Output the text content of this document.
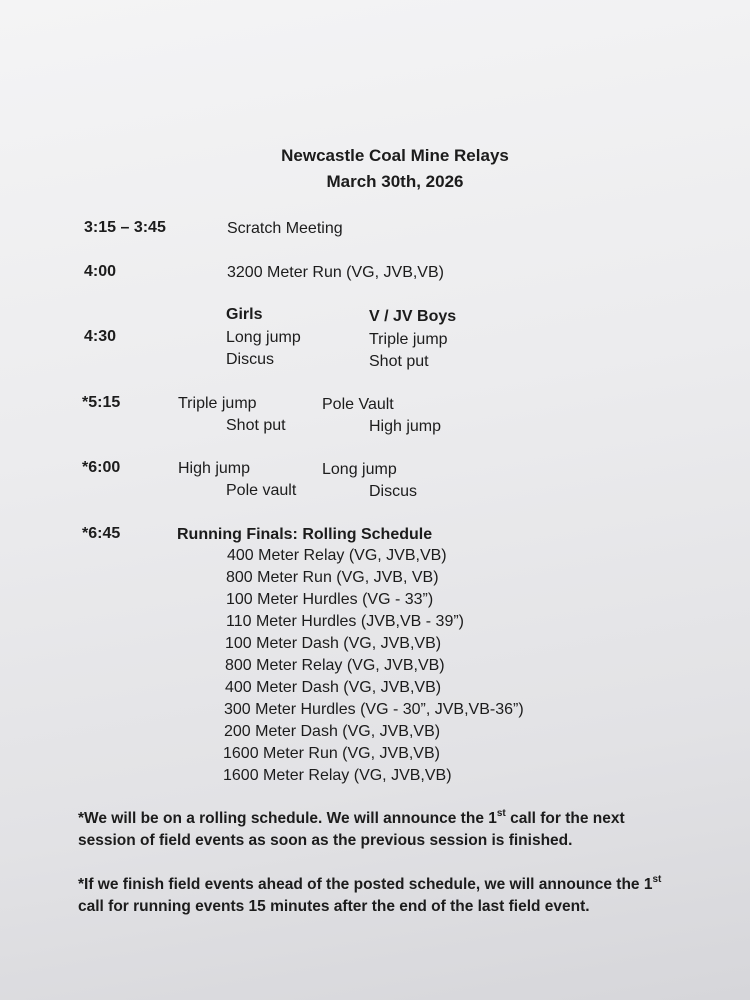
Newcastle Coal Mine Relays
March 30th, 2026
3:15 – 3:45	Scratch Meeting
4:00	3200 Meter Run (VG, JVB,VB)
Girls	V / JV Boys
4:30	Long jump	Triple jump
Discus	Shot put
*5:15	Triple jump	Pole Vault
Shot put	High jump
*6:00	High jump	Long jump
Pole vault	Discus
*6:45	Running Finals: Rolling Schedule
400 Meter Relay (VG, JVB,VB)
800 Meter Run (VG, JVB, VB)
100 Meter Hurdles (VG - 33”)
110 Meter Hurdles (JVB,VB - 39”)
100 Meter Dash (VG, JVB,VB)
800 Meter Relay (VG, JVB,VB)
400 Meter Dash (VG, JVB,VB)
300 Meter Hurdles (VG - 30”, JVB,VB-36”)
200 Meter Dash (VG, JVB,VB)
1600 Meter Run (VG, JVB,VB)
1600 Meter Relay (VG, JVB,VB)
*We will be on a rolling schedule. We will announce the 1st call for the next
session of field events as soon as the previous session is finished.
*If we finish field events ahead of the posted schedule, we will announce the 1st
call for running events 15 minutes after the end of the last field event.
